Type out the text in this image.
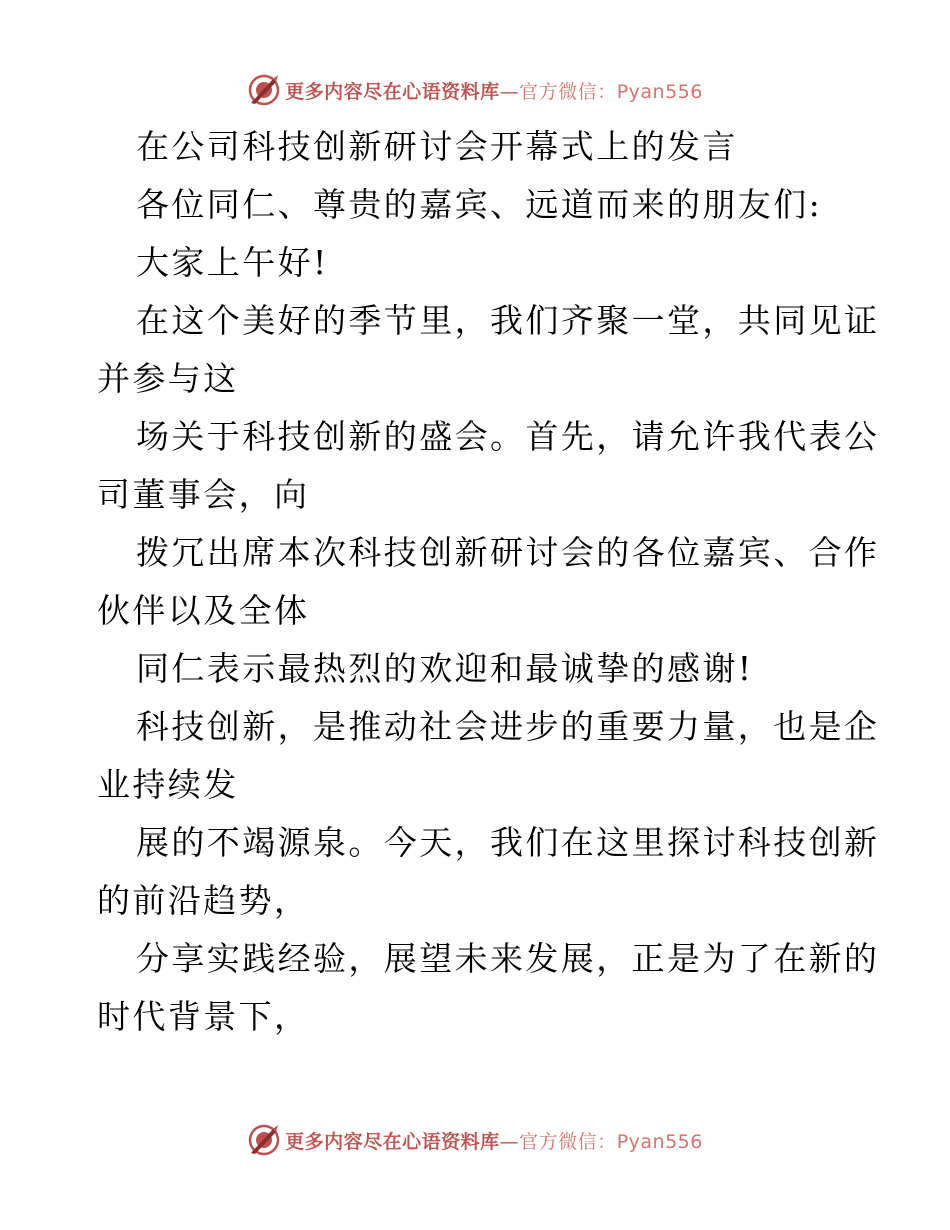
更多内容尽在心语资料库—官方微信：Pyan556
在公司科技创新研讨会开幕式上的发言
各位同仁、尊贵的嘉宾、远道而来的朋友们:
大家上午好!
在这个美好的季节里，我们齐聚一堂，共同见证
并参与这
场关于科技创新的盛会。首先，请允许我代表公
司董事会，向
拨冗出席本次科技创新研讨会的各位嘉宾、合作
伙伴以及全体
同仁表示最热烈的欢迎和最诚挚的感谢!
科技创新，是推动社会进步的重要力量，也是企
业持续发
展的不竭源泉。今天，我们在这里探讨科技创新
的前沿趋势，
分享实践经验，展望未来发展，正是为了在新的
时代背景下，
更多内容尽在心语资料库—官方微信：Pyan556
